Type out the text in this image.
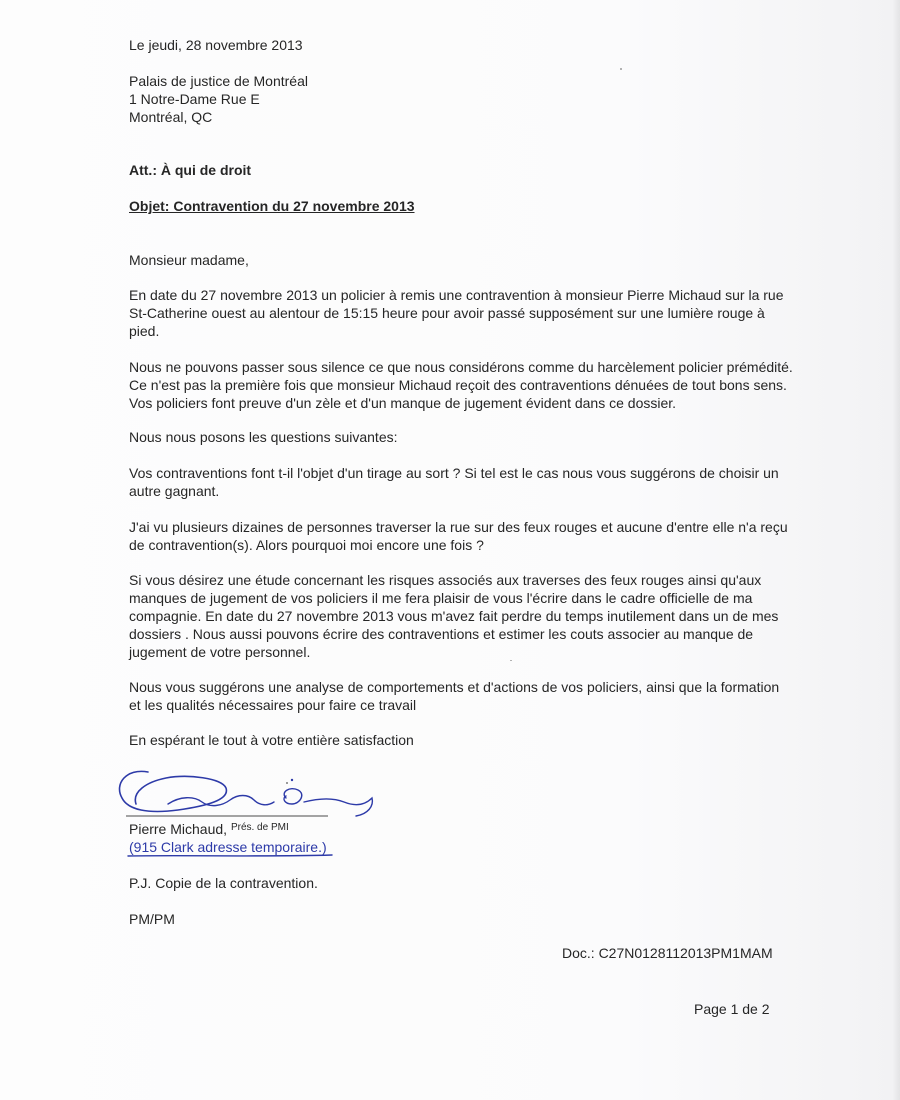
Le jeudi, 28 novembre 2013
Palais de justice de Montréal
1 Notre-Dame Rue E
Montréal, QC
Att.: À qui de droit
Objet: Contravention du 27 novembre 2013
Monsieur madame,
En date du 27 novembre 2013 un policier à remis une contravention à monsieur Pierre Michaud sur la rue
St-Catherine ouest au alentour de 15:15 heure pour avoir passé supposément sur une lumière rouge à
pied.
Nous ne pouvons passer sous silence ce que nous considérons comme du harcèlement policier prémédité.
Ce n'est pas la première fois que monsieur Michaud reçoit des contraventions dénuées de tout bons sens.
Vos policiers font preuve d'un zèle et d'un manque de jugement évident dans ce dossier.
Nous nous posons les questions suivantes:
Vos contraventions font t-il l'objet d'un tirage au sort ? Si tel est le cas nous vous suggérons de choisir un
autre gagnant.
J'ai vu plusieurs dizaines de personnes traverser la rue sur des feux rouges et aucune d'entre elle n'a reçu
de contravention(s). Alors pourquoi moi encore une fois ?
Si vous désirez une étude concernant les risques associés aux traverses des feux rouges ainsi qu'aux
manques de jugement de vos policiers il me fera plaisir de vous l'écrire dans le cadre officielle de ma
compagnie. En date du 27 novembre 2013 vous m'avez fait perdre du temps inutilement dans un de mes
dossiers . Nous aussi pouvons écrire des contraventions et estimer les couts associer au manque de
jugement de votre personnel.
Nous vous suggérons une analyse de comportements et d'actions de vos policiers, ainsi que la formation
et les qualités nécessaires pour faire ce travail
En espérant le tout à votre entière satisfaction
Pierre Michaud, $^{Prés. de PMI}$
(915 Clark adresse temporaire.)
P.J. Copie de la contravention.
PM/PM
Doc.: C27N0128112013PM1MAM
Page 1 de 2
